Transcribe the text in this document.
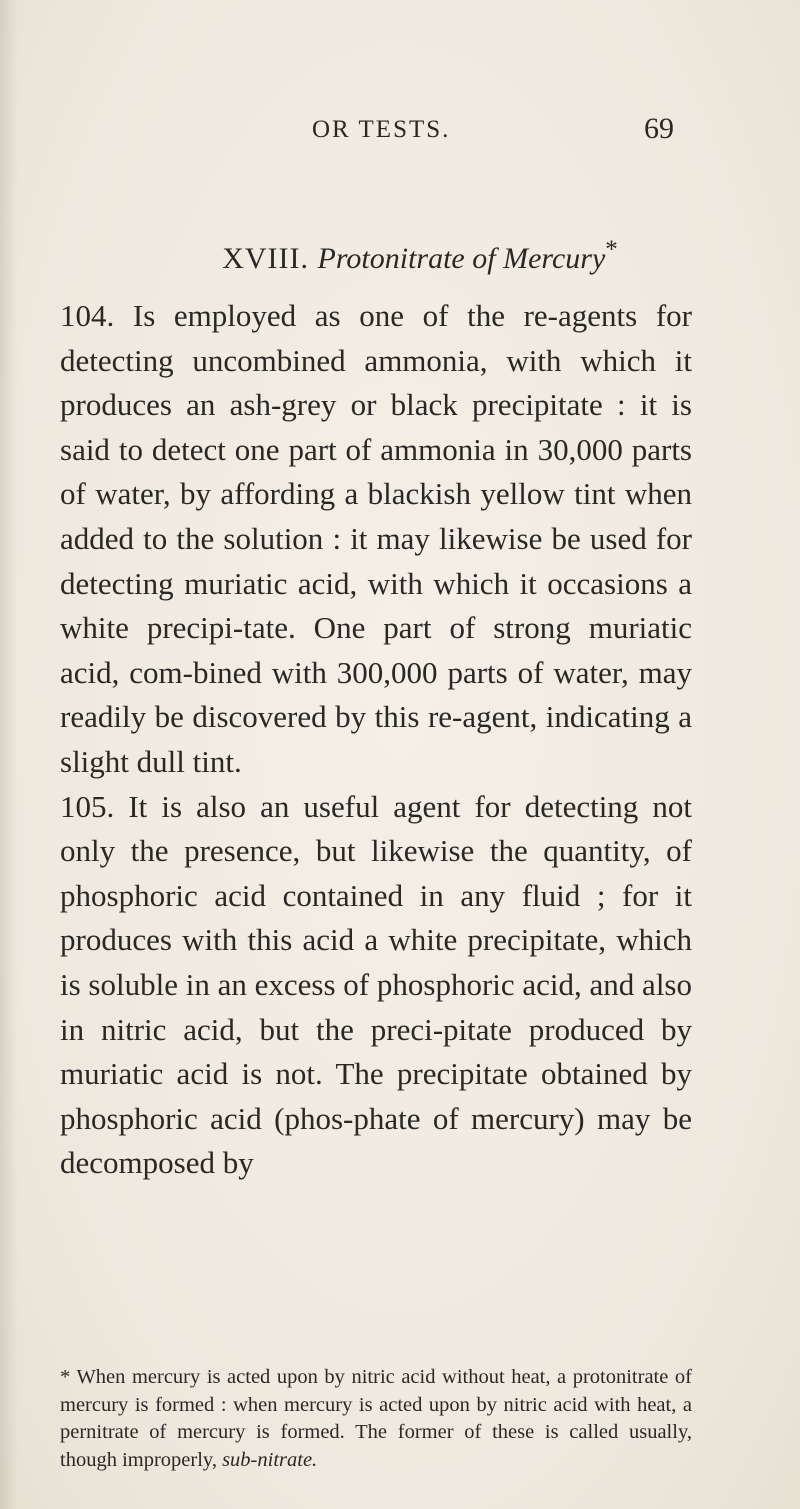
OR TESTS.	69
XVIII. Protonitrate of Mercury*

104. Is employed as one of the re-agents for detecting uncombined ammonia, with which it produces an ash-grey or black precipitate : it is said to detect one part of ammonia in 30,000 parts of water, by affording a blackish yellow tint when added to the solution : it may likewise be used for detecting muriatic acid, with which it occasions a white precipi-tate. One part of strong muriatic acid, com-bined with 300,000 parts of water, may readily be discovered by this re-agent, indicating a slight dull tint.

105. It is also an useful agent for detecting not only the presence, but likewise the quantity, of phosphoric acid contained in any fluid ; for it produces with this acid a white precipitate, which is soluble in an excess of phosphoric acid, and also in nitric acid, but the preci-pitate produced by muriatic acid is not. The precipitate obtained by phosphoric acid (phos-phate of mercury) may be decomposed by

* When mercury is acted upon by nitric acid without heat, a protonitrate of mercury is formed : when mercury is acted upon by nitric acid with heat, a pernitrate of mercury is formed. The former of these is called usually, though improperly, sub-nitrate.
